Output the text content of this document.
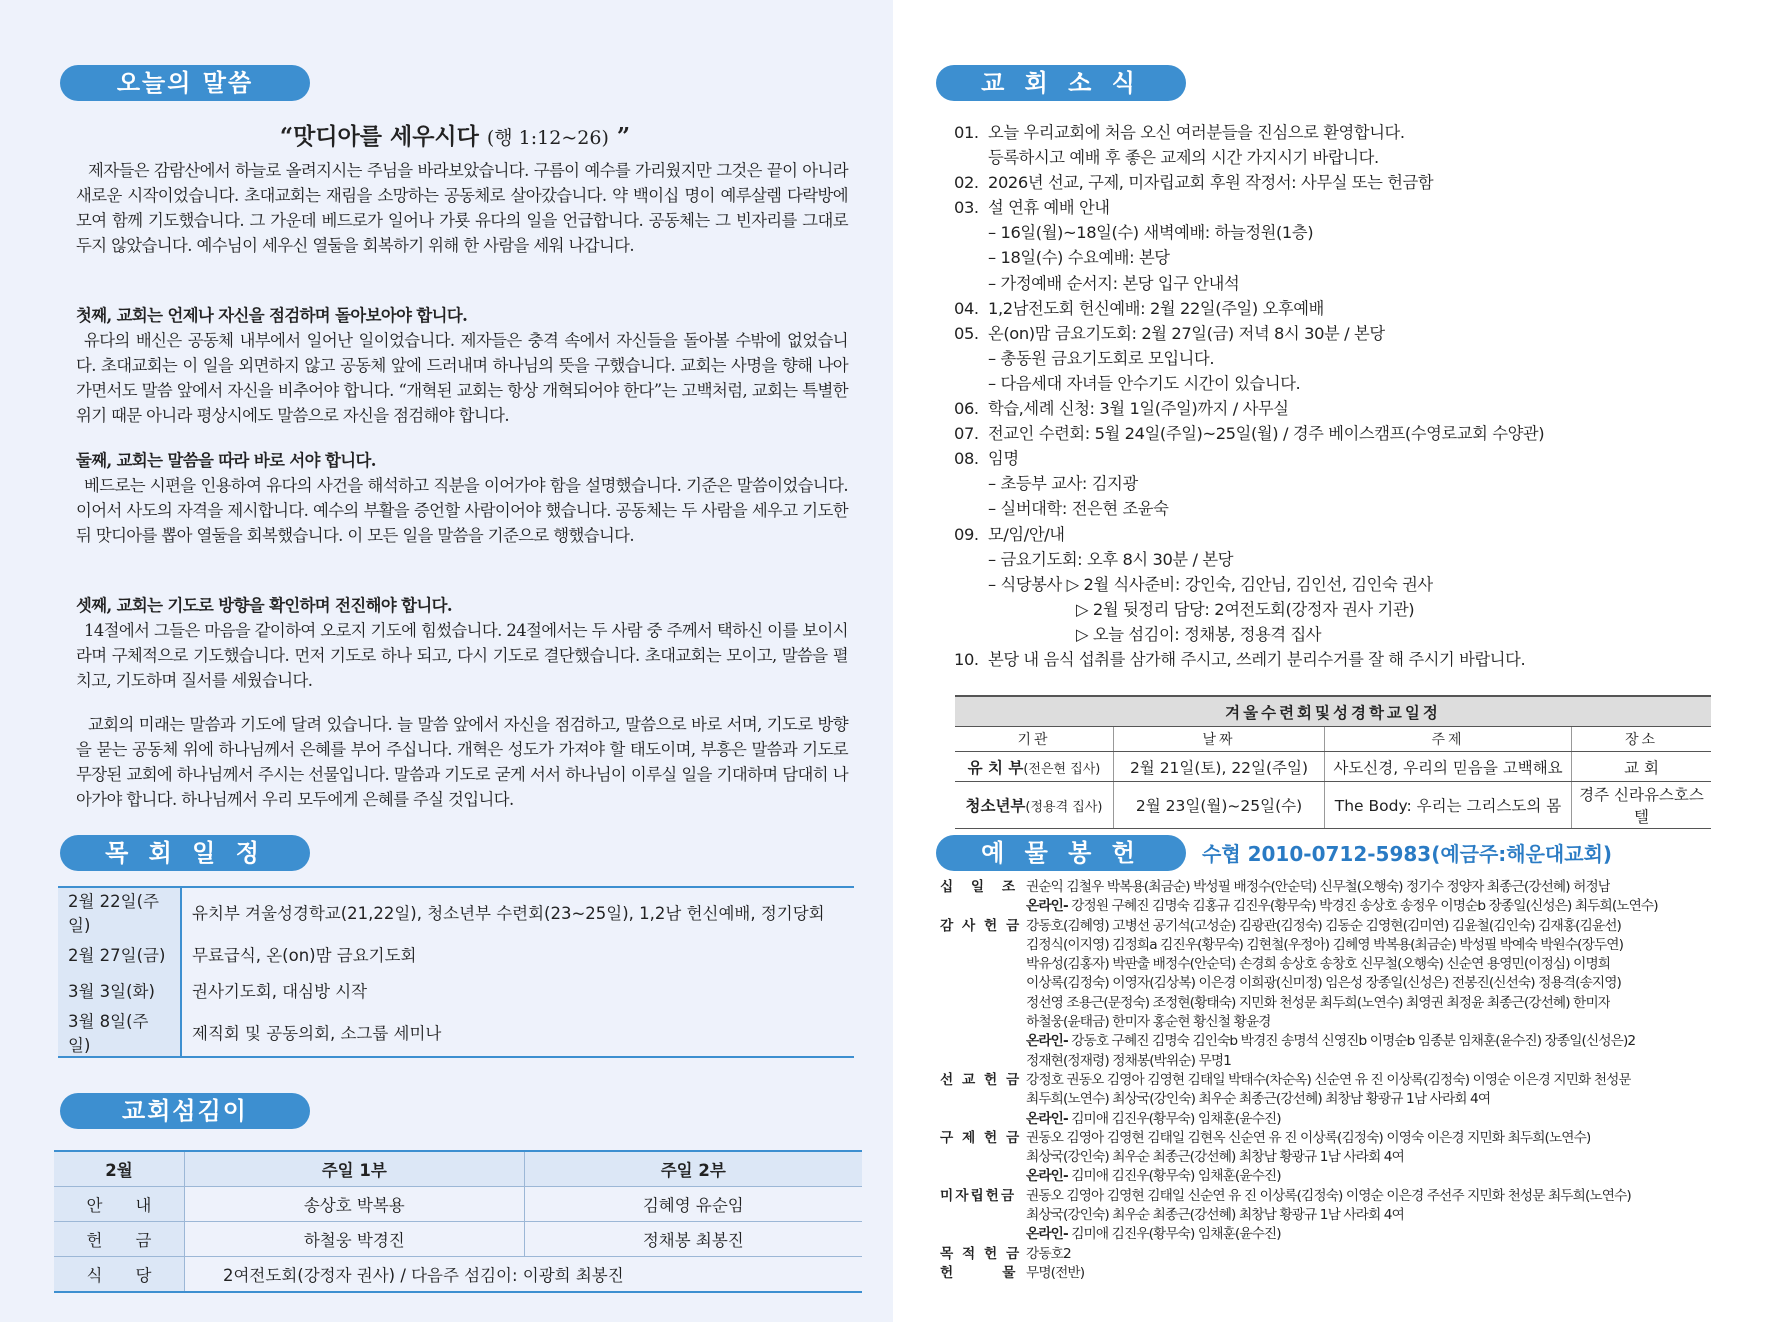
오늘의 말씀
“맛디아를 세우시다 (행 1:12~26) ”
제자들은 감람산에서 하늘로 올려지시는 주님을 바라보았습니다. 구름이 예수를 가리웠지만 그것은 끝이 아니라 새로운 시작이었습니다. 초대교회는 재림을 소망하는 공동체로 살아갔습니다. 약 백이십 명이 예루살렘 다락방에 모여 함께 기도했습니다. 그 가운데 베드로가 일어나 가룟 유다의 일을 언급합니다. 공동체는 그 빈자리를 그대로 두지 않았습니다. 예수님이 세우신 열둘을 회복하기 위해 한 사람을 세워 나갑니다.
첫째, 교회는 언제나 자신을 점검하며 돌아보아야 합니다.
유다의 배신은 공동체 내부에서 일어난 일이었습니다. 제자들은 충격 속에서 자신들을 돌아볼 수밖에 없었습니다. 초대교회는 이 일을 외면하지 않고 공동체 앞에 드러내며 하나님의 뜻을 구했습니다. 교회는 사명을 향해 나아가면서도 말씀 앞에서 자신을 비추어야 합니다. “개혁된 교회는 항상 개혁되어야 한다”는 고백처럼, 교회는 특별한 위기 때문 아니라 평상시에도 말씀으로 자신을 점검해야 합니다.
둘째, 교회는 말씀을 따라 바로 서야 합니다.
베드로는 시편을 인용하여 유다의 사건을 해석하고 직분을 이어가야 함을 설명했습니다. 기준은 말씀이었습니다. 이어서 사도의 자격을 제시합니다. 예수의 부활을 증언할 사람이어야 했습니다. 공동체는 두 사람을 세우고 기도한 뒤 맛디아를 뽑아 열둘을 회복했습니다. 이 모든 일을 말씀을 기준으로 행했습니다.
셋째, 교회는 기도로 방향을 확인하며 전진해야 합니다.
14절에서 그들은 마음을 같이하여 오로지 기도에 힘썼습니다. 24절에서는 두 사람 중 주께서 택하신 이를 보이시라며 구체적으로 기도했습니다. 먼저 기도로 하나 되고, 다시 기도로 결단했습니다. 초대교회는 모이고, 말씀을 펼치고, 기도하며 질서를 세웠습니다.
교회의 미래는 말씀과 기도에 달려 있습니다. 늘 말씀 앞에서 자신을 점검하고, 말씀으로 바로 서며, 기도로 방향을 묻는 공동체 위에 하나님께서 은혜를 부어 주십니다. 개혁은 성도가 가져야 할 태도이며, 부흥은 말씀과 기도로 무장된 교회에 하나님께서 주시는 선물입니다. 말씀과 기도로 굳게 서서 하나님이 이루실 일을 기대하며 담대히 나아가야 합니다. 하나님께서 우리 모두에게 은혜를 주실 것입니다.
목 회 일 정
2월 22일(주일)	유치부 겨울성경학교(21,22일), 청소년부 수련회(23~25일), 1,2남 헌신예배, 정기당회
2월 27일(금)	무료급식, 온(on)맘 금요기도회
3월 3일(화)	권사기도회, 대심방 시작
3월 8일(주일)	제직회 및 공동의회, 소그룹 세미나
교회섬김이
2월	주일 1부	주일 2부
안　　내	송상호 박복용	김혜영 유순임
헌　　금	하철웅 박경진	정채봉 최봉진
식　　당	2여전도회(강정자 권사) / 다음주 섬김이: 이광희 최봉진	
교 회 소 식
01. 오늘 우리교회에 처음 오신 여러분들을 진심으로 환영합니다.
등록하시고 예배 후 좋은 교제의 시간 가지시기 바랍니다.
02. 2026년 선교, 구제, 미자립교회 후원 작정서: 사무실 또는 헌금함
03. 설 연휴 예배 안내
– 16일(월)~18일(수) 새벽예배: 하늘정원(1층)
– 18일(수) 수요예배: 본당
– 가정예배 순서지: 본당 입구 안내석
04. 1,2남전도회 헌신예배: 2월 22일(주일) 오후예배
05. 온(on)맘 금요기도회: 2월 27일(금) 저녁 8시 30분 / 본당
– 총동원 금요기도회로 모입니다.
– 다음세대 자녀들 안수기도 시간이 있습니다.
06. 학습,세례 신청: 3월 1일(주일)까지 / 사무실
07. 전교인 수련회: 5월 24일(주일)~25일(월) / 경주 베이스캠프(수영로교회 수양관)
08. 임명
– 초등부 교사: 김지광
– 실버대학: 전은현 조윤숙
09. 모/임/안/내
– 금요기도회: 오후 8시 30분 / 본당
– 식당봉사 ▷ 2월 식사준비: 강인숙, 김안님, 김인선, 김인숙 권사
▷ 2월 뒷정리 담당: 2여전도회(강정자 권사 기관)
▷ 오늘 섬김이: 정채봉, 정용격 집사
10. 본당 내 음식 섭취를 삼가해 주시고, 쓰레기 분리수거를 잘 해 주시기 바랍니다.
겨울수련회및성경학교일정			
기관	날짜	주제	장소
유 치 부(전은현 집사)	2월 21일(토), 22일(주일)	사도신경, 우리의 믿음을 고백해요	교 회
청소년부(정용격 집사)	2월 23일(월)~25일(수)	The Body: 우리는 그리스도의 몸	경주 신라유스호스텔
예 물 봉 헌	수협 2010-0712-5983(예금주:해운대교회)
십　일　조 권순익 김철우 박복용(최금순) 박성필 배정수(안순덕) 신무철(오행숙) 정기수 정양자 최종근(강선혜) 허정남
온라인- 강정원 구혜진 김명숙 김홍규 김진우(황무숙) 박경진 송상호 송정우 이명순b 장종일(신성은) 최두희(노연수)
감 사 헌 금 강동호(김혜영) 고병선 공기석(고성순) 김광관(김정숙) 김동순 김영현(김미연) 김윤철(김인숙) 김재홍(김윤선)
김정식(이지영) 김정희a 김진우(황무숙) 김현철(우정아) 김혜영 박복용(최금순) 박성필 박예숙 박원수(장두연)
박유성(김홍자) 박판출 배정수(안순덕) 손경희 송상호 송창호 신무철(오행숙) 신순연 용영민(이정심) 이명희
이상록(김정숙) 이영자(김상복) 이은경 이희광(신미정) 임은성 장종일(신성은) 전봉진(신선숙) 정용격(송지영)
정선영 조용근(문정숙) 조정현(황태숙) 지민화 천성문 최두희(노연수) 최영권 최정윤 최종근(강선혜) 한미자
하철웅(윤태금) 한미자 홍순현 황신철 황윤경
온라인- 강동호 구혜진 김명숙 김인숙b 박경진 송명석 신영진b 이명순b 임종분 임채훈(윤수진) 장종일(신성은)2
정재현(정재령) 정채봉(박위순) 무명1
선 교 헌 금 강정호 권동오 김영아 김영현 김태일 박태수(차순옥) 신순연 유 진 이상록(김정숙) 이영순 이은경 지민화 천성문
최두희(노연수) 최상국(강인숙) 최우순 최종근(강선혜) 최창남 황광규 1남 사라회 4여
온라인- 김미애 김진우(황무숙) 임채훈(윤수진)
구 제 헌 금 권동오 김영아 김영현 김태일 김현옥 신순연 유 진 이상록(김정숙) 이영숙 이은경 지민화 최두희(노연수)
최상국(강인숙) 최우순 최종근(강선혜) 최창남 황광규 1남 사라회 4여
온라인- 김미애 김진우(황무숙) 임채훈(윤수진)
미자립헌금 권동오 김영아 김영현 김태일 신순연 유 진 이상록(김정숙) 이영순 이은경 주선주 지민화 천성문 최두희(노연수)
최상국(강인숙) 최우순 최종근(강선혜) 최창남 황광규 1남 사라회 4여
온라인- 김미애 김진우(황무숙) 임채훈(윤수진)
목 적 헌 금 강동호2
헌　　　물 무명(전반)
